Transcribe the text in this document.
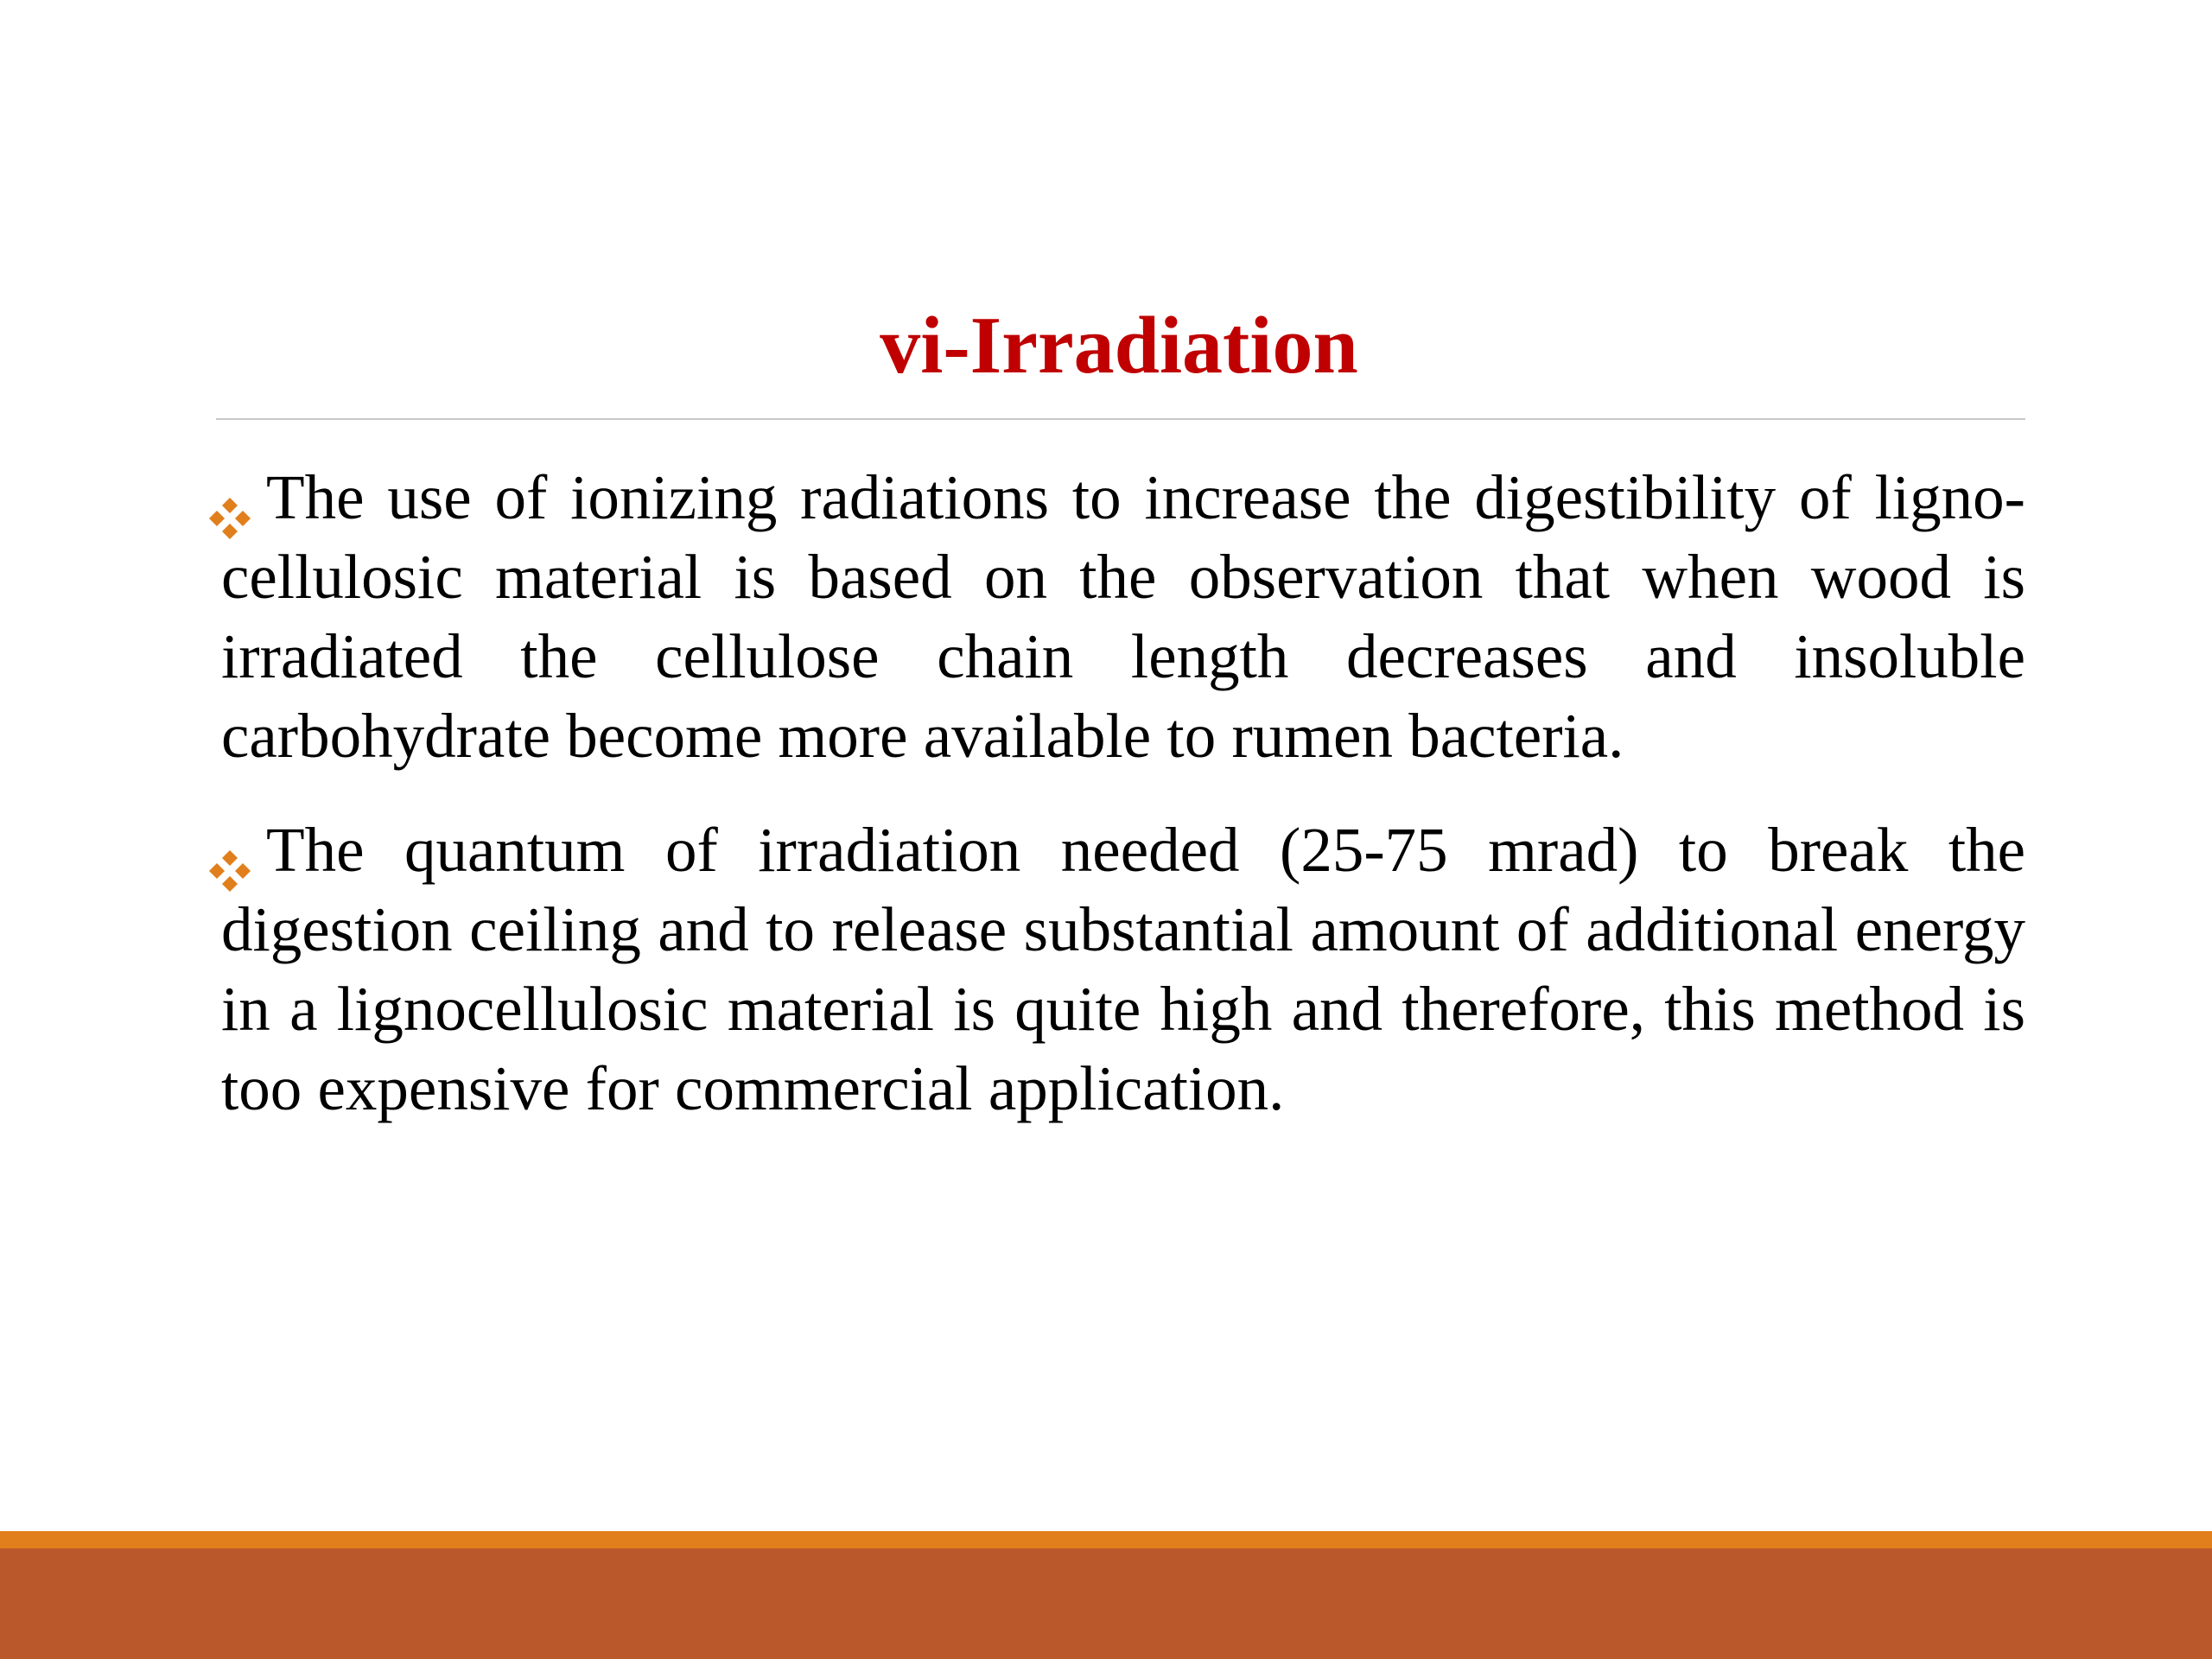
vi-Irradiation
The use of ionizing radiations to increase the digestibility of ligno-cellulosic material is based on the observation that when wood is irradiated the cellulose chain length decreases and insoluble carbohydrate become more available to rumen bacteria.
The quantum of irradiation needed (25-75 mrad) to break the digestion ceiling and to release substantial amount of additional energy in a lignocellulosic material is quite high and therefore, this method is too expensive for commercial application.
